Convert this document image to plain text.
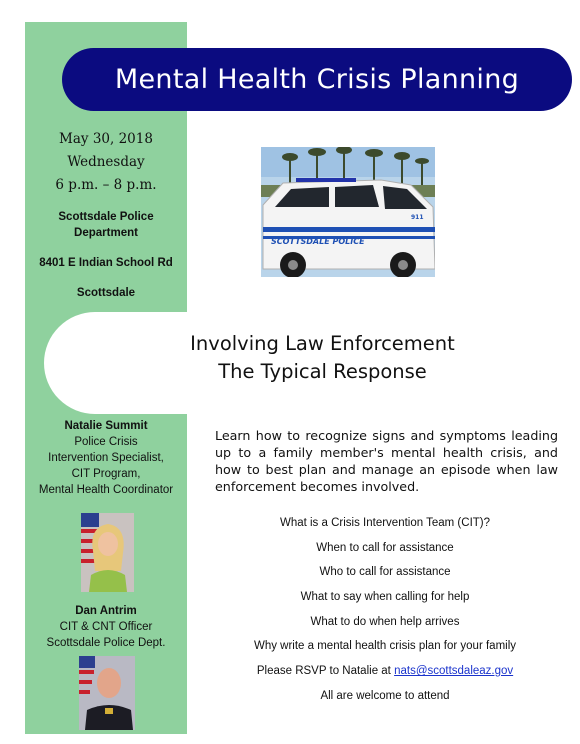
Mental Health Crisis Planning
May 30, 2018
Wednesday
6 p.m. – 8 p.m.
Scottsdale Police Department
8401 E Indian School Rd
Scottsdale
SCOTTSDALE POLICE
911
Involving Law Enforcement
The Typical Response
Natalie Summit
Police Crisis
Intervention Specialist,
CIT Program,
Mental Health Coordinator
Dan Antrim
CIT & CNT Officer
Scottsdale Police Dept.

Learn how to recognize signs and symptoms leading up to a family member's mental health crisis, and how to best plan and manage an episode when law enforcement becomes involved.

What is a Crisis Intervention Team (CIT)?
When to call for assistance
Who to call for assistance
What to say when calling for help
What to do when help arrives
Why write a mental health crisis plan for your family
Please RSVP to Natalie at nats@scottsdaleaz.gov
All are welcome to attend
